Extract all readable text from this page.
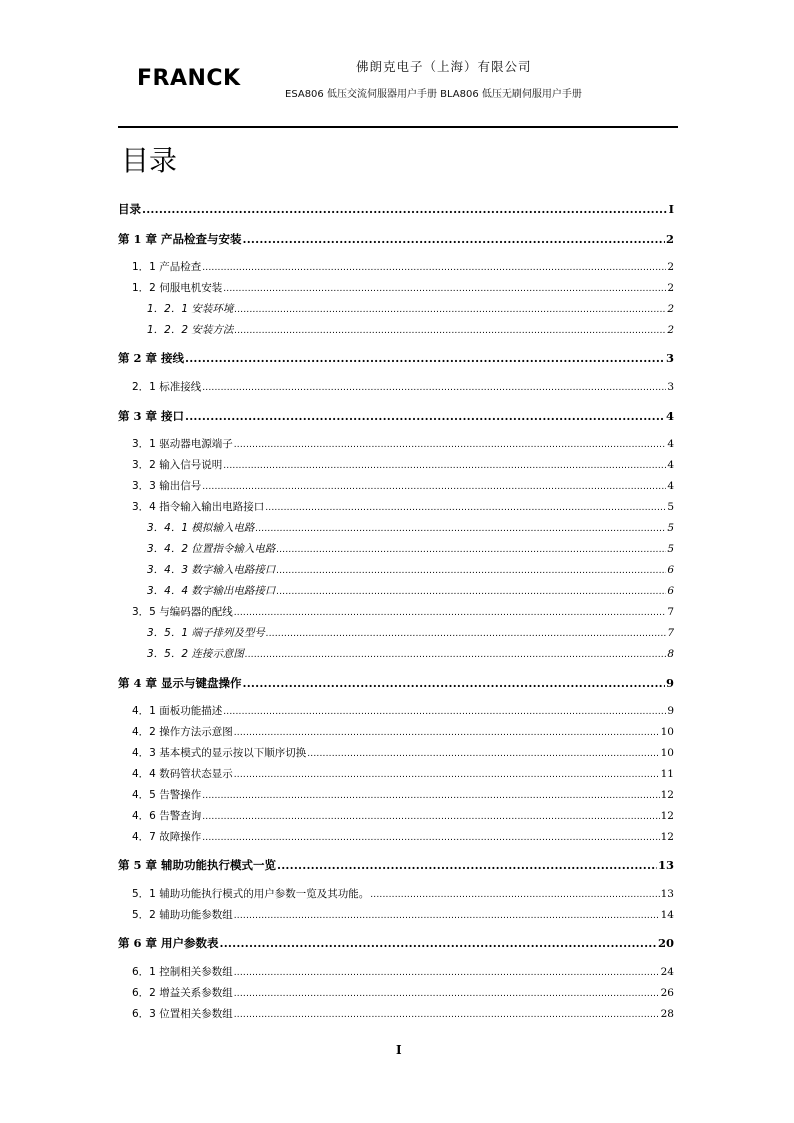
FRANCK	佛朗克电子（上海）有限公司
ESA806 低压交流伺服器用户手册 BLA806 低压无刷伺服用户手册
目录
目录 .....	I
第 1 章 产品检查与安装 .....	2
1．1 产品检查 .....	2
1．2 伺服电机安装 .....	2
1．2．1 安装环境 .....	2
1．2．2 安装方法 .....	2
第 2 章 接线 .....	3
2．1 标准接线 .....	3
第 3 章 接口 .....	4
3．1 驱动器电源端子 .....	4
3．2 输入信号说明 .....	4
3．3 输出信号 .....	4
3．4 指令输入输出电路接口 .....	5
3．4．1 模拟输入电路 .....	5
3．4．2 位置指令输入电路 .....	5
3．4．3 数字输入电路接口 .....	6
3．4．4 数字输出电路接口 .....	6
3．5 与编码器的配线 .....	7
3．5．1 端子排列及型号 .....	7
3．5．2 连接示意图 .....	8
第 4 章 显示与键盘操作 .....	9
4．1 面板功能描述 .....	9
4．2 操作方法示意图 .....	10
4．3 基本模式的显示按以下顺序切换 .....	10
4．4 数码管状态显示 .....	11
4．5 告警操作 .....	12
4．6 告警查询 .....	12
4．7 故障操作 .....	12
第 5 章 辅助功能执行模式一览 .....	13
5．1 辅助功能执行模式的用户参数一览及其功能。 .....	13
5．2 辅助功能参数组 .....	14
第 6 章 用户参数表 .....	20
6．1 控制相关参数组 .....	24
6．2 增益关系参数组 .....	26
6．3 位置相关参数组 .....	28
I
